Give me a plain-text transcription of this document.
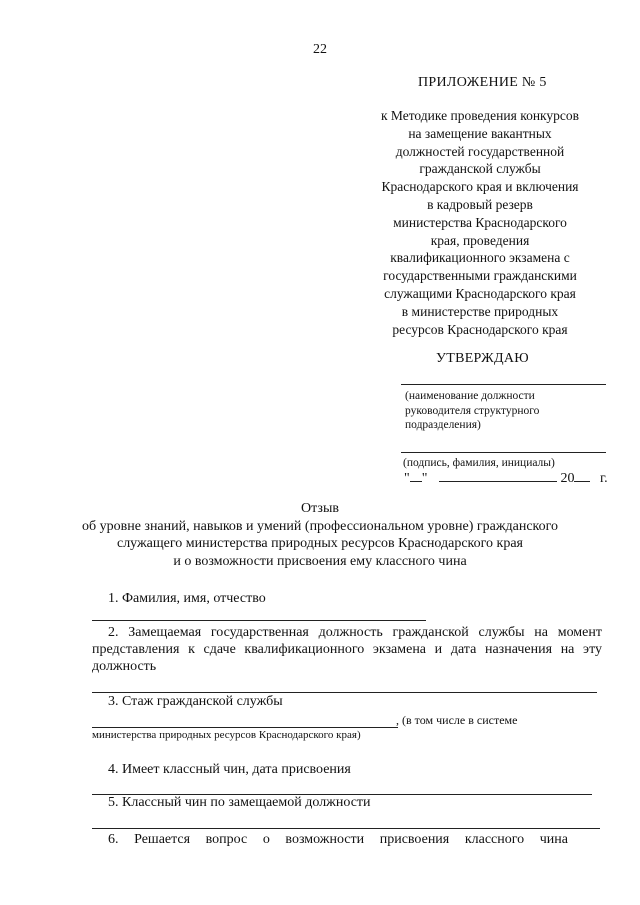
22
ПРИЛОЖЕНИЕ № 5
к Методике проведения конкурсов
на замещение вакантных
должностей государственной
гражданской службы
Краснодарского края и включения
в кадровый резерв
министерства Краснодарского
края, проведения
квалификационного экзамена с
государственными гражданскими
служащими Краснодарского края
в министерстве природных
ресурсов Краснодарского края
УТВЕРЖДАЮ
(наименование должности
руководителя структурного
подразделения)
(подпись, фамилия, инициалы)
" "	20 г.
Отзыв
об уровне знаний, навыков и умений (профессиональном уровне) гражданского
служащего министерства природных ресурсов Краснодарского края
и о возможности присвоения ему классного чина
1. Фамилия, имя, отчество
2. Замещаемая государственная должность гражданской службы на момент
представления к сдаче квалификационного экзамена и дата назначения на эту
должность
3. Стаж гражданской службы
, (в том числе в системе
министерства природных ресурсов Краснодарского края)
4. Имеет классный чин, дата присвоения
5. Классный чин по замещаемой должности
6. Решается вопрос о возможности присвоения классного чина
